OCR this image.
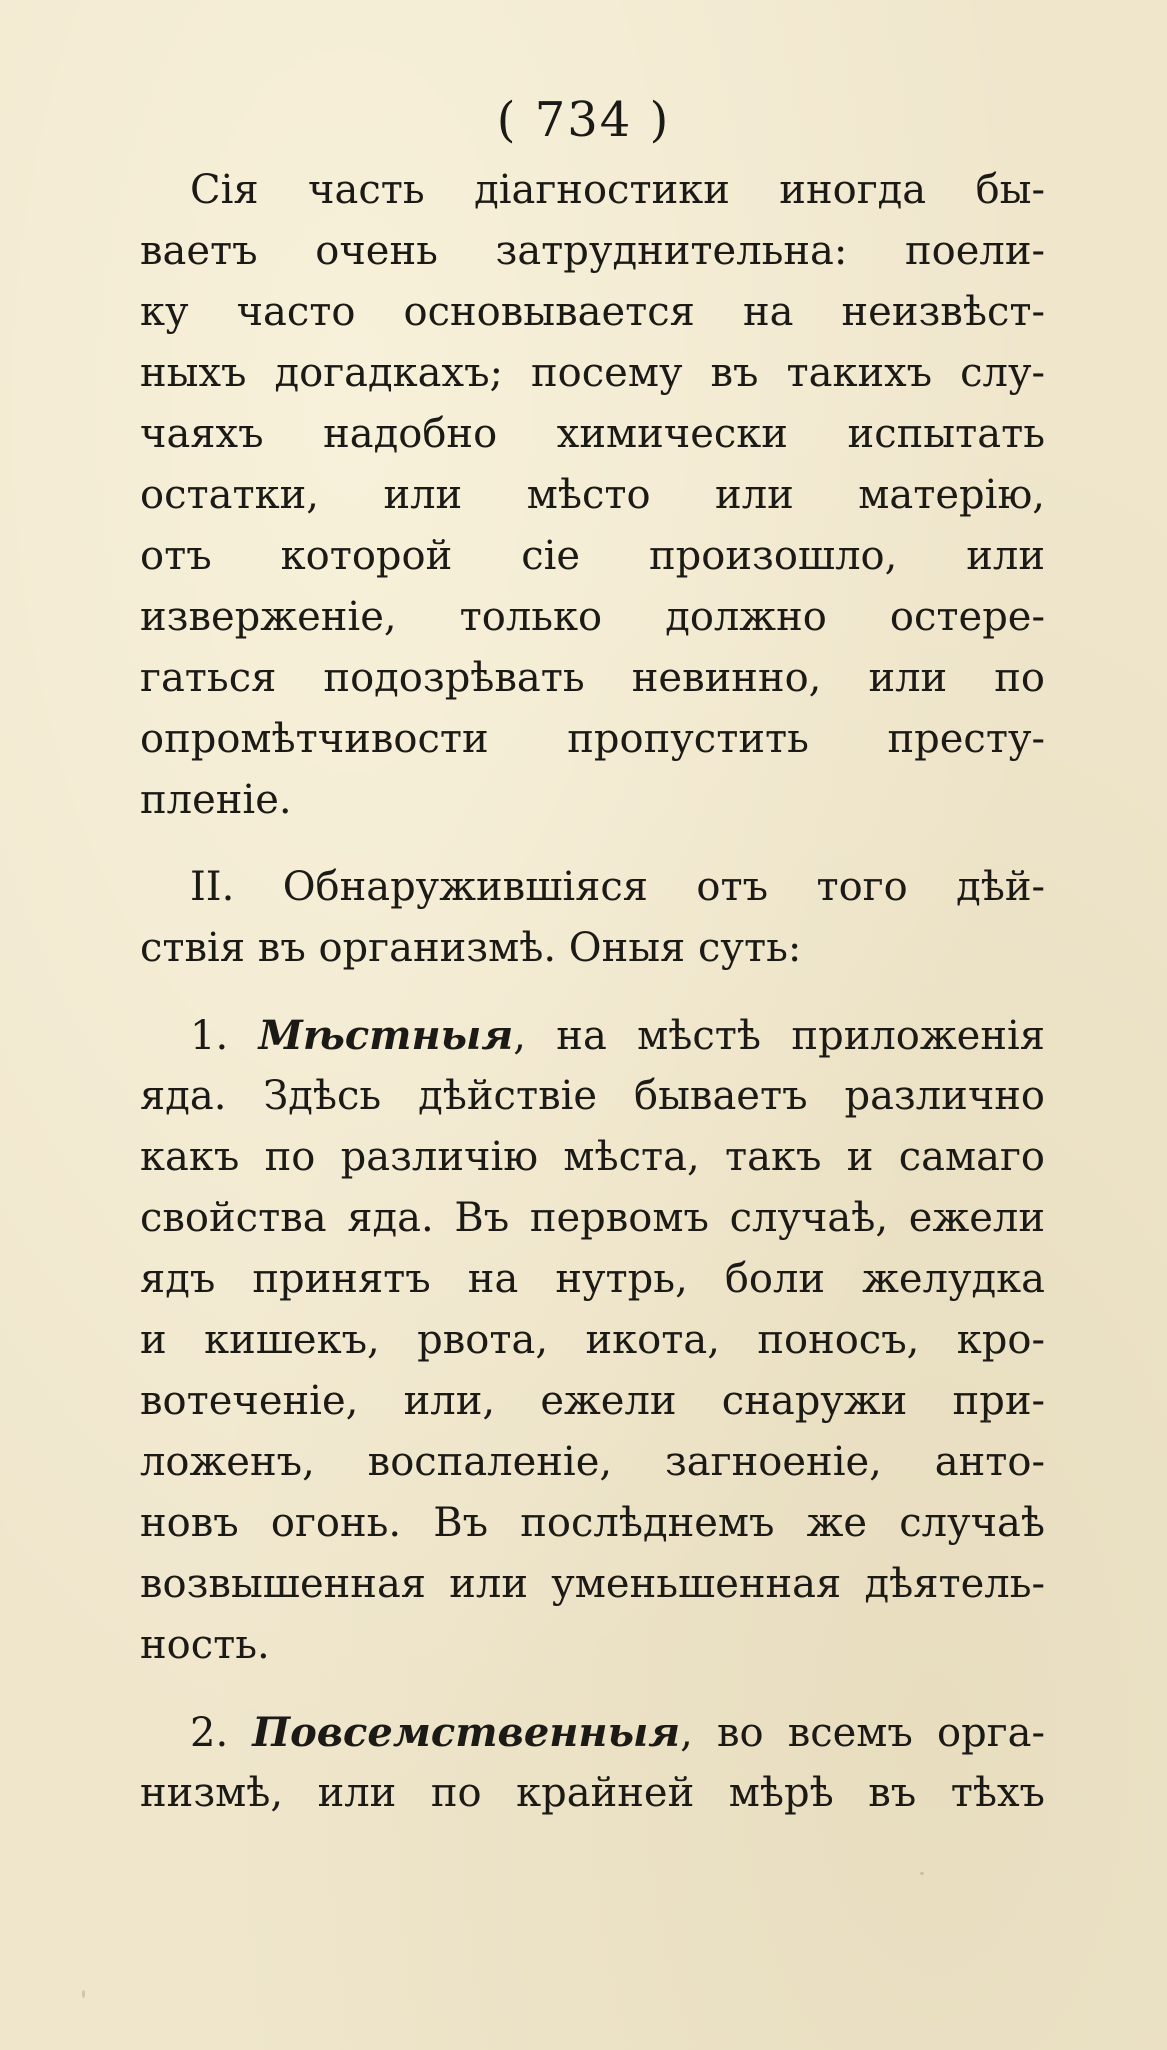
( 734 )
Сія часть діагностики иногда бы-
ваетъ очень затруднительна: поели-
ку часто основывается на неизвѣст-
ныхъ догадкахъ; посему въ такихъ слу-
чаяхъ надобно химически испытать
остатки, или мѣсто или матерію,
отъ которой сіе произошло, или
изверженіе, только должно остере-
гаться подозрѣвать невинно, или по
опромѣтчивости пропустить престу-
пленіе.
II. Обнаружившіяся отъ того дѣй-
ствія въ организмѣ. Оныя суть:
1. Мѣстныя, на мѣстѣ приложенія
яда. Здѣсь дѣйствіе бываетъ различно
какъ по различію мѣста, такъ и самаго
свойства яда. Въ первомъ случаѣ, ежели
ядъ принятъ на нутрь, боли желудка
и кишекъ, рвота, икота, поносъ, кро-
вотеченіе, или, ежели снаружи при-
ложенъ, воспаленіе, загноеніе, анто-
новъ огонь. Въ послѣднемъ же случаѣ
возвышенная или уменьшенная дѣятель-
ность.
2. Повсемственныя, во всемъ орга-
низмѣ, или по крайней мѣрѣ въ тѣхъ
